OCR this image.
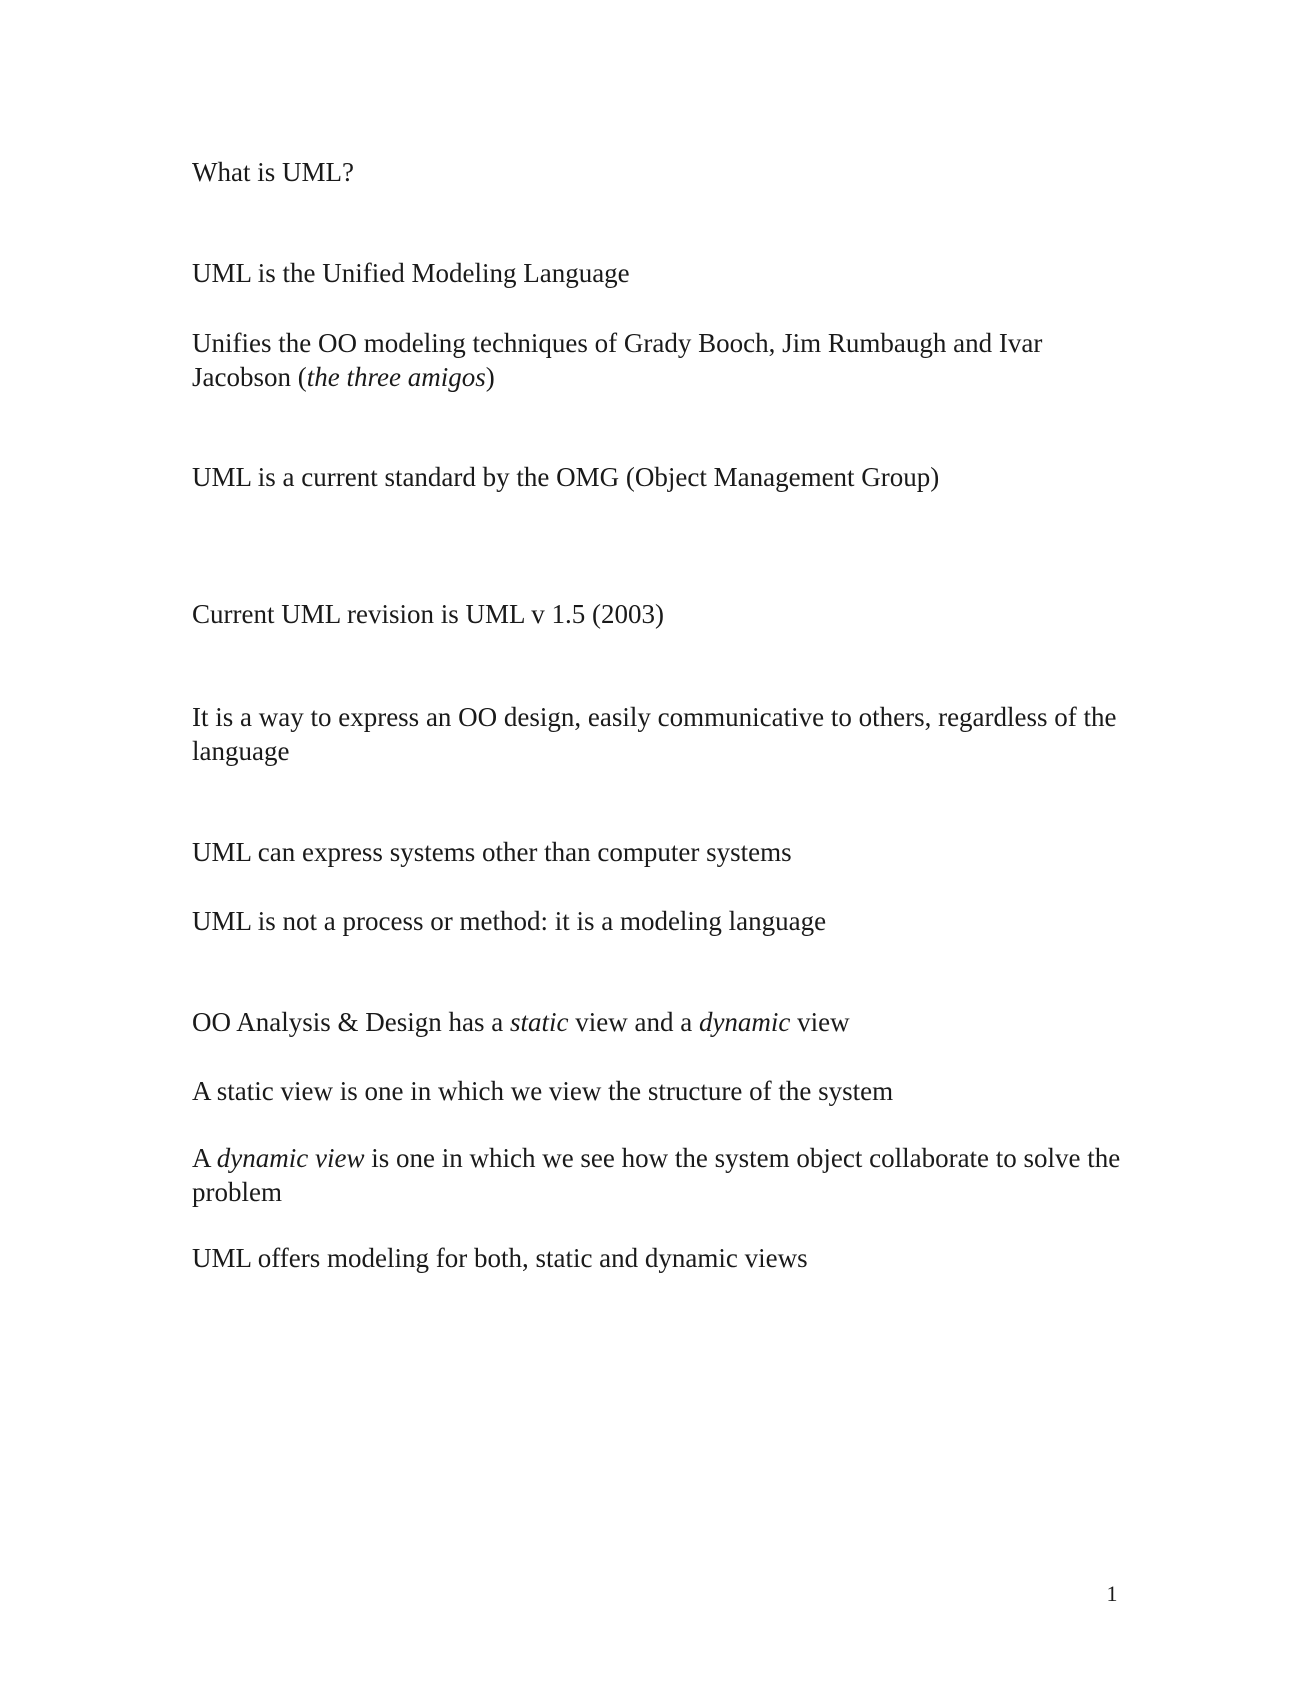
What is UML?

UML is the Unified Modeling Language

Unifies the OO modeling techniques of Grady Booch, Jim Rumbaugh and Ivar Jacobson (the three amigos)

UML is a current standard by the OMG (Object Management Group)

Current UML revision is UML v 1.5 (2003)

It is a way to express an OO design, easily communicative to others, regardless of the language

UML can express systems other than computer systems

UML is not a process or method: it is a modeling language

OO Analysis & Design has a static view and a dynamic view

A static view is one in which we view the structure of the system

A dynamic view is one in which we see how the system object collaborate to solve the problem

UML offers modeling for both, static and dynamic views

1
